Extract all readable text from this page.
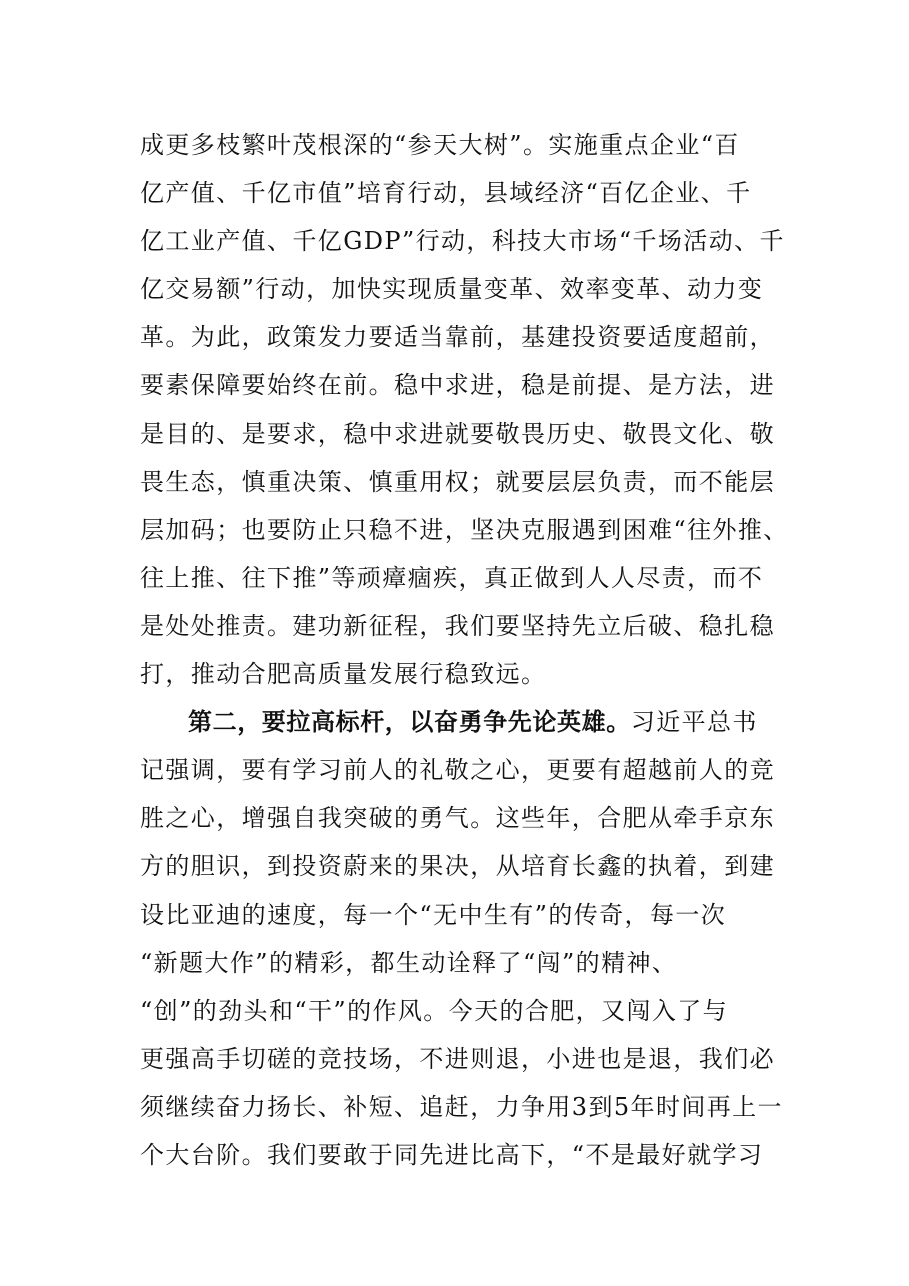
成更多枝繁叶茂根深的“参天大树”。实施重点企业“百
亿产值、千亿市值”培育行动，县域经济“百亿企业、千
亿工业产值、千亿GDP”行动，科技大市场“千场活动、千
亿交易额”行动，加快实现质量变革、效率变革、动力变
革。为此，政策发力要适当靠前，基建投资要适度超前，
要素保障要始终在前。稳中求进，稳是前提、是方法，进
是目的、是要求，稳中求进就要敬畏历史、敬畏文化、敬
畏生态，慎重决策、慎重用权；就要层层负责，而不能层
层加码；也要防止只稳不进，坚决克服遇到困难“往外推、
往上推、往下推”等顽瘴痼疾，真正做到人人尽责，而不
是处处推责。建功新征程，我们要坚持先立后破、稳扎稳
打，推动合肥高质量发展行稳致远。
第二，要拉高标杆，以奋勇争先论英雄。习近平总书
记强调，要有学习前人的礼敬之心，更要有超越前人的竞
胜之心，增强自我突破的勇气。这些年，合肥从牵手京东
方的胆识，到投资蔚来的果决，从培育长鑫的执着，到建
设比亚迪的速度，每一个“无中生有”的传奇，每一次
“新题大作”的精彩，都生动诠释了“闯”的精神、
“创”的劲头和“干”的作风。今天的合肥，又闯入了与
更强高手切磋的竞技场，不进则退，小进也是退，我们必
须继续奋力扬长、补短、追赶，力争用3到5年时间再上一
个大台阶。我们要敢于同先进比高下，“不是最好就学习
